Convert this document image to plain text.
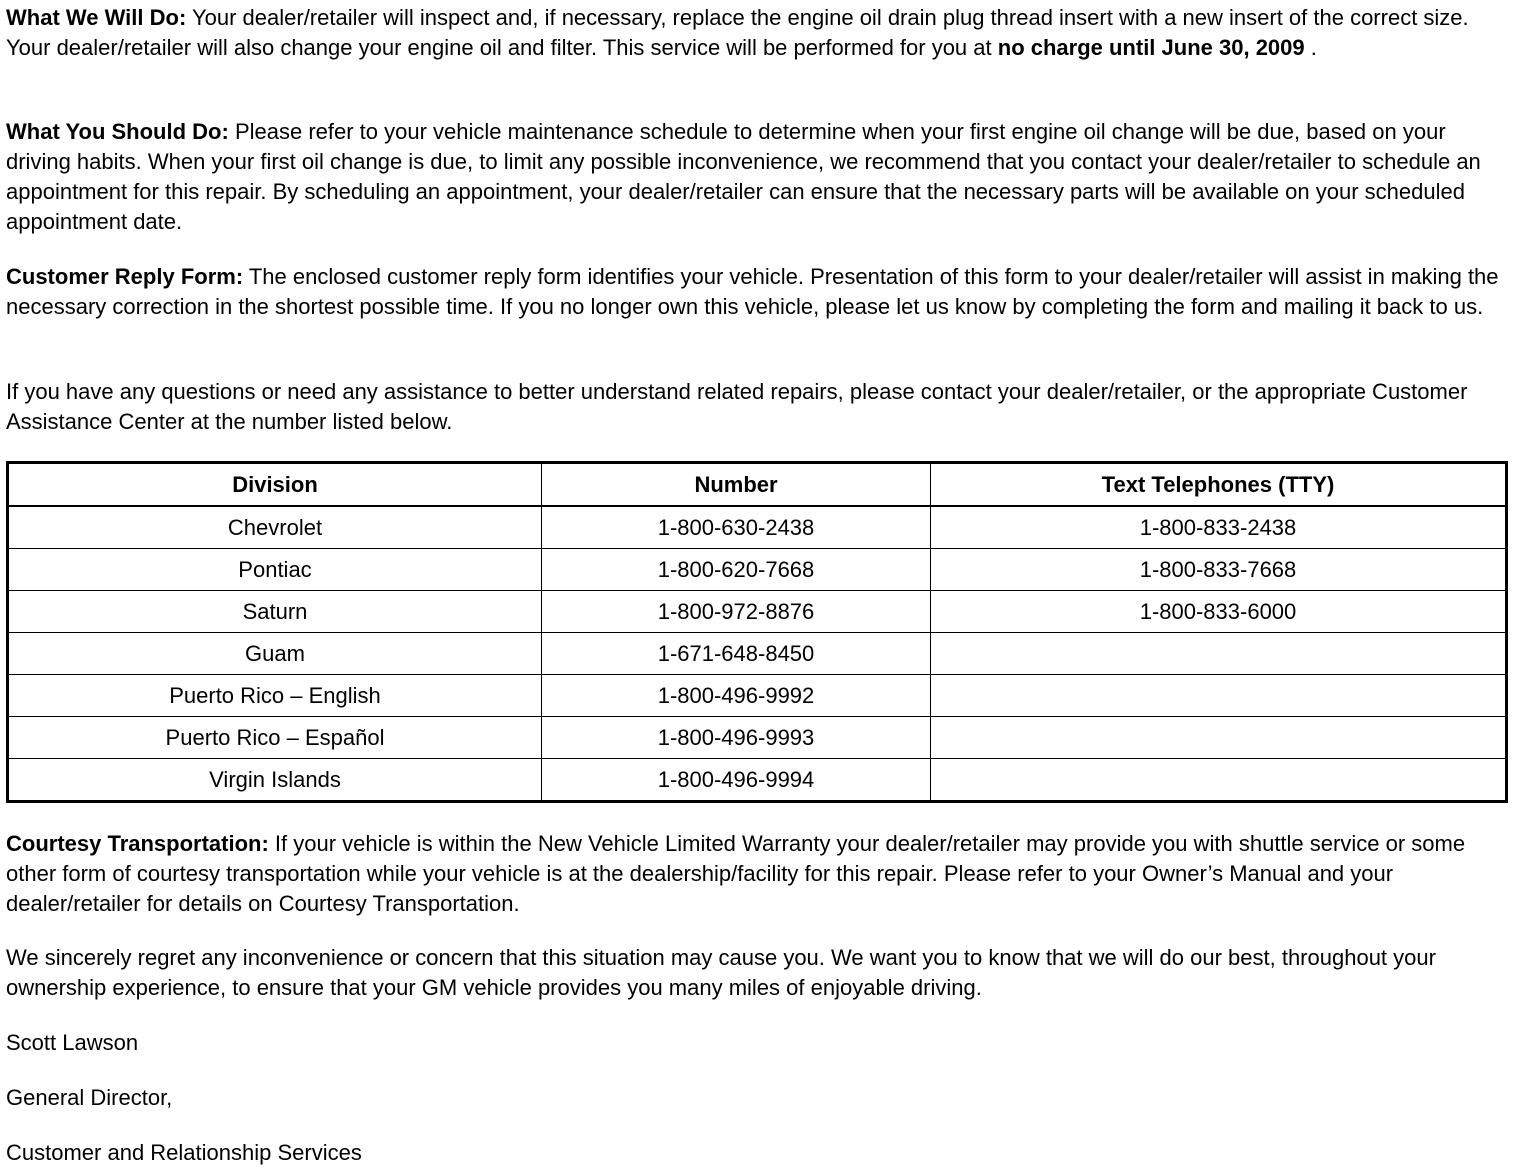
What We Will Do: Your dealer/retailer will inspect and, if necessary, replace the engine oil drain plug thread insert with a new insert of the correct size. Your dealer/retailer will also change your engine oil and filter. This service will be performed for you at no charge until June 30, 2009 .

What You Should Do: Please refer to your vehicle maintenance schedule to determine when your first engine oil change will be due, based on your driving habits. When your first oil change is due, to limit any possible inconvenience, we recommend that you contact your dealer/retailer to schedule an appointment for this repair. By scheduling an appointment, your dealer/retailer can ensure that the necessary parts will be available on your scheduled appointment date.

Customer Reply Form: The enclosed customer reply form identifies your vehicle. Presentation of this form to your dealer/retailer will assist in making the necessary correction in the shortest possible time. If you no longer own this vehicle, please let us know by completing the form and mailing it back to us.

If you have any questions or need any assistance to better understand related repairs, please contact your dealer/retailer, or the appropriate Customer Assistance Center at the number listed below.

Division	Number	Text Telephones (TTY)
Chevrolet	1-800-630-2438	1-800-833-2438
Pontiac	1-800-620-7668	1-800-833-7668
Saturn	1-800-972-8876	1-800-833-6000
Guam	1-671-648-8450	
Puerto Rico – English	1-800-496-9992	
Puerto Rico – Español	1-800-496-9993	
Virgin Islands	1-800-496-9994	

Courtesy Transportation: If your vehicle is within the New Vehicle Limited Warranty your dealer/retailer may provide you with shuttle service or some other form of courtesy transportation while your vehicle is at the dealership/facility for this repair. Please refer to your Owner’s Manual and your dealer/retailer for details on Courtesy Transportation.

We sincerely regret any inconvenience or concern that this situation may cause you. We want you to know that we will do our best, throughout your ownership experience, to ensure that your GM vehicle provides you many miles of enjoyable driving.

Scott Lawson

General Director,

Customer and Relationship Services
